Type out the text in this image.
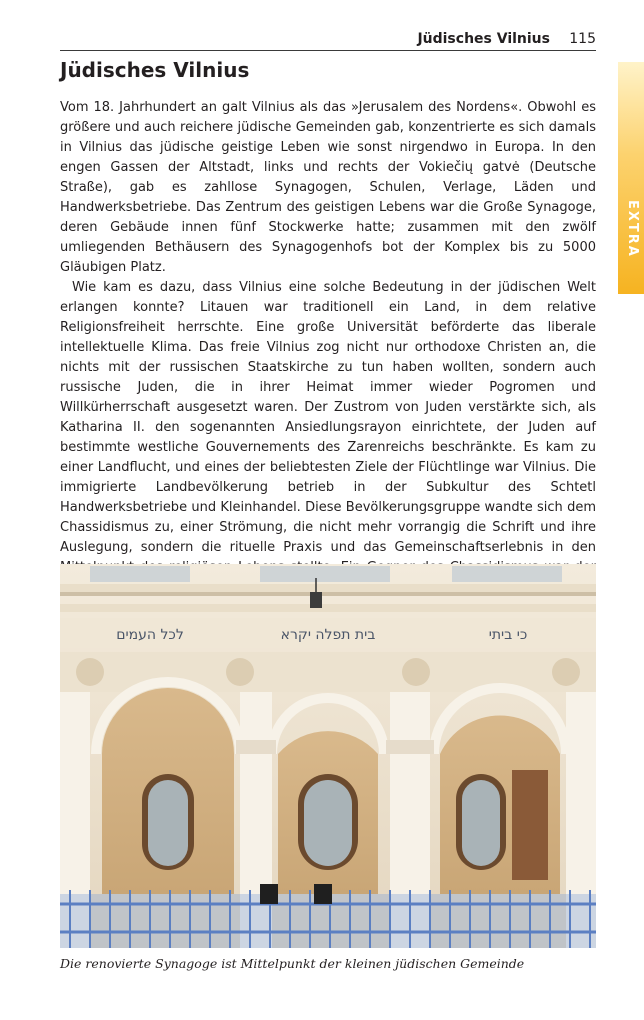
Jüdisches Vilnius 115
EXTRA
Jüdisches Vilnius

Vom 18. Jahrhundert an galt Vilnius als das »Jerusalem des Nordens«. Obwohl es größere und auch reichere jüdische Gemeinden gab, konzentrierte es sich damals in Vilnius das jüdische geistige Leben wie sonst nirgendwo in Europa. In den engen Gassen der Altstadt, links und rechts der Vokiečių gatvė (Deutsche Straße), gab es zahllose Synagogen, Schulen, Verlage, Läden und Handwerksbetriebe. Das Zentrum des geistigen Lebens war die Große Synagoge, deren Gebäude innen fünf Stockwerke hatte; zusammen mit den zwölf umliegenden Bethäusern des Synagogenhofs bot der Komplex bis zu 5000 Gläubigen Platz.

Wie kam es dazu, dass Vilnius eine solche Bedeutung in der jüdischen Welt erlangen konnte? Litauen war traditionell ein Land, in dem relative Religionsfreiheit herrschte. Eine große Universität beförderte das liberale intellektuelle Klima. Das freie Vilnius zog nicht nur orthodoxe Christen an, die nichts mit der russischen Staatskirche zu tun haben wollten, sondern auch russische Juden, die in ihrer Heimat immer wieder Pogromen und Willkürherrschaft ausgesetzt waren. Der Zustrom von Juden verstärkte sich, als Katharina II. den sogenannten Ansiedlungsrayon einrichtete, der Juden auf bestimmte westliche Gouvernements des Zarenreichs beschränkte. Es kam zu einer Landflucht, und eines der beliebtesten Ziele der Flüchtlinge war Vilnius. Die immigrierte Landbevölkerung betrieb in der Subkultur des Schtetl Handwerksbetriebe und Kleinhandel. Diese Bevölkerungsgruppe wandte sich dem Chassidismus zu, einer Strömung, die nicht mehr vorrangig die Schrift und ihre Auslegung, sondern die rituelle Praxis und das Gemeinschaftserlebnis in den

לכל העמים	בית תפלה יקרא	כי ביתי
Die renovierte Synagoge ist Mittelpunkt der kleinen jüdischen Gemeinde
